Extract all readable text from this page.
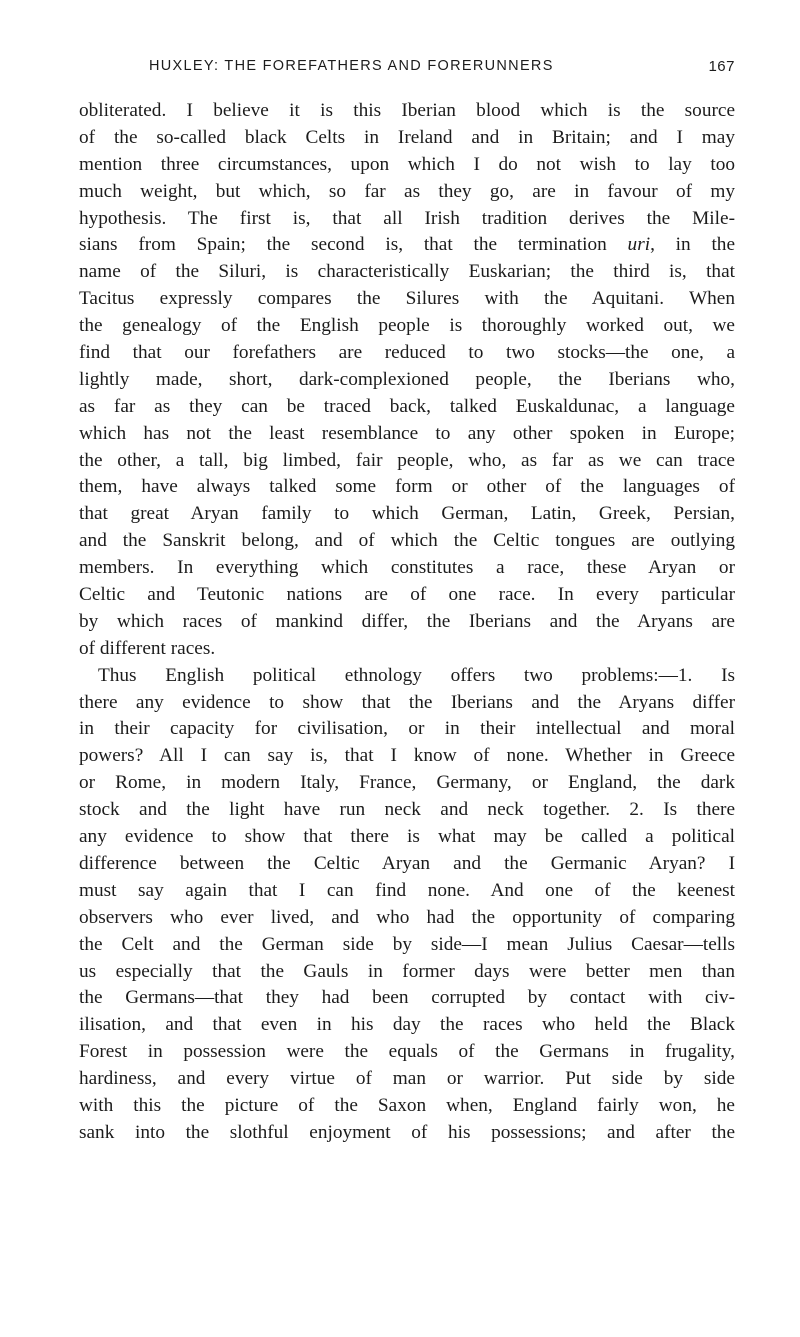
HUXLEY: THE FOREFATHERS AND FORERUNNERS	167
obliterated. I believe it is this Iberian blood which is the source
of the so-called black Celts in Ireland and in Britain; and I may
mention three circumstances, upon which I do not wish to lay too
much weight, but which, so far as they go, are in favour of my
hypothesis. The first is, that all Irish tradition derives the Mile-
sians from Spain; the second is, that the termination uri, in the
name of the Siluri, is characteristically Euskarian; the third is, that
Tacitus expressly compares the Silures with the Aquitani. When
the genealogy of the English people is thoroughly worked out, we
find that our forefathers are reduced to two stocks—the one, a
lightly made, short, dark-complexioned people, the Iberians who,
as far as they can be traced back, talked Euskaldunac, a language
which has not the least resemblance to any other spoken in Europe;
the other, a tall, big limbed, fair people, who, as far as we can trace
them, have always talked some form or other of the languages of
that great Aryan family to which German, Latin, Greek, Persian,
and the Sanskrit belong, and of which the Celtic tongues are outlying
members. In everything which constitutes a race, these Aryan or
Celtic and Teutonic nations are of one race. In every particular
by which races of mankind differ, the Iberians and the Aryans are
of different races.
Thus English political ethnology offers two problems:—1. Is
there any evidence to show that the Iberians and the Aryans differ
in their capacity for civilisation, or in their intellectual and moral
powers? All I can say is, that I know of none. Whether in Greece
or Rome, in modern Italy, France, Germany, or England, the dark
stock and the light have run neck and neck together. 2. Is there
any evidence to show that there is what may be called a political
difference between the Celtic Aryan and the Germanic Aryan? I
must say again that I can find none. And one of the keenest
observers who ever lived, and who had the opportunity of comparing
the Celt and the German side by side—I mean Julius Caesar—tells
us especially that the Gauls in former days were better men than
the Germans—that they had been corrupted by contact with civ-
ilisation, and that even in his day the races who held the Black
Forest in possession were the equals of the Germans in frugality,
hardiness, and every virtue of man or warrior. Put side by side
with this the picture of the Saxon when, England fairly won, he
sank into the slothful enjoyment of his possessions; and after the
